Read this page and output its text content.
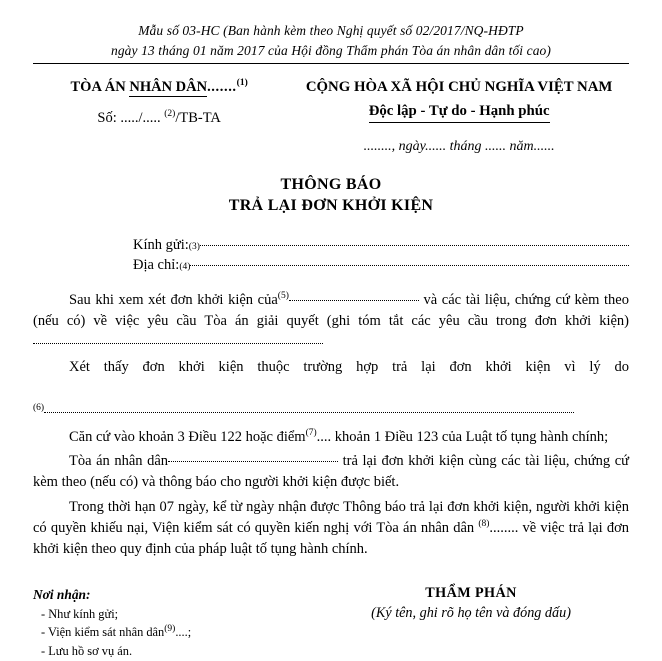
Mẫu số 03-HC (Ban hành kèm theo Nghị quyết số 02/2017/NQ-HĐTP
ngày 13 tháng 01 năm 2017 của Hội đồng Thẩm phán Tòa án nhân dân tối cao)
TÒA ÁN NHÂN DÂN.......$^{(1)}$
Số: ...../..... $^{(2)}$/TB-TA
CỘNG HÒA XÃ HỘI CHỦ NGHĨA VIỆT NAM
Độc lập - Tự do - Hạnh phúc
........, ngày...... tháng ...... năm......
THÔNG BÁO
TRẢ LẠI ĐƠN KHỞI KIỆN
Kính gửi: (3)
Địa chỉ: (4)

Sau khi xem xét đơn khởi kiện của$^{(5)}$	và các tài liệu, chứng cứ kèm theo (nếu có) về việc yêu cầu Tòa án giải quyết (ghi tóm tắt các yêu cầu trong đơn khởi kiện)

Xét thấy đơn khởi kiện thuộc trường hợp trả lại đơn khởi kiện vì lý do

$^{(6)}$

Căn cứ vào khoản 3 Điều 122 hoặc điểm$^{(7)}$.... khoản 1 Điều 123 của Luật tố tụng hành chính;

Tòa án nhân dân	trả lại đơn khởi kiện cùng các tài liệu, chứng cứ kèm theo (nếu có) và thông báo cho người khởi kiện được biết.

Trong thời hạn 07 ngày, kể từ ngày nhận được Thông báo trả lại đơn khởi kiện, người khởi kiện có quyền khiếu nại, Viện kiểm sát có quyền kiến nghị với Tòa án nhân dân $^{(8)}$........ về việc trả lại đơn khởi kiện theo quy định của pháp luật tố tụng hành chính.

Nơi nhận:
- Như kính gửi;
- Viện kiểm sát nhân dân$^{(9)}$....;
- Lưu hồ sơ vụ án.
THẨM PHÁN
(Ký tên, ghi rõ họ tên và đóng dấu)
